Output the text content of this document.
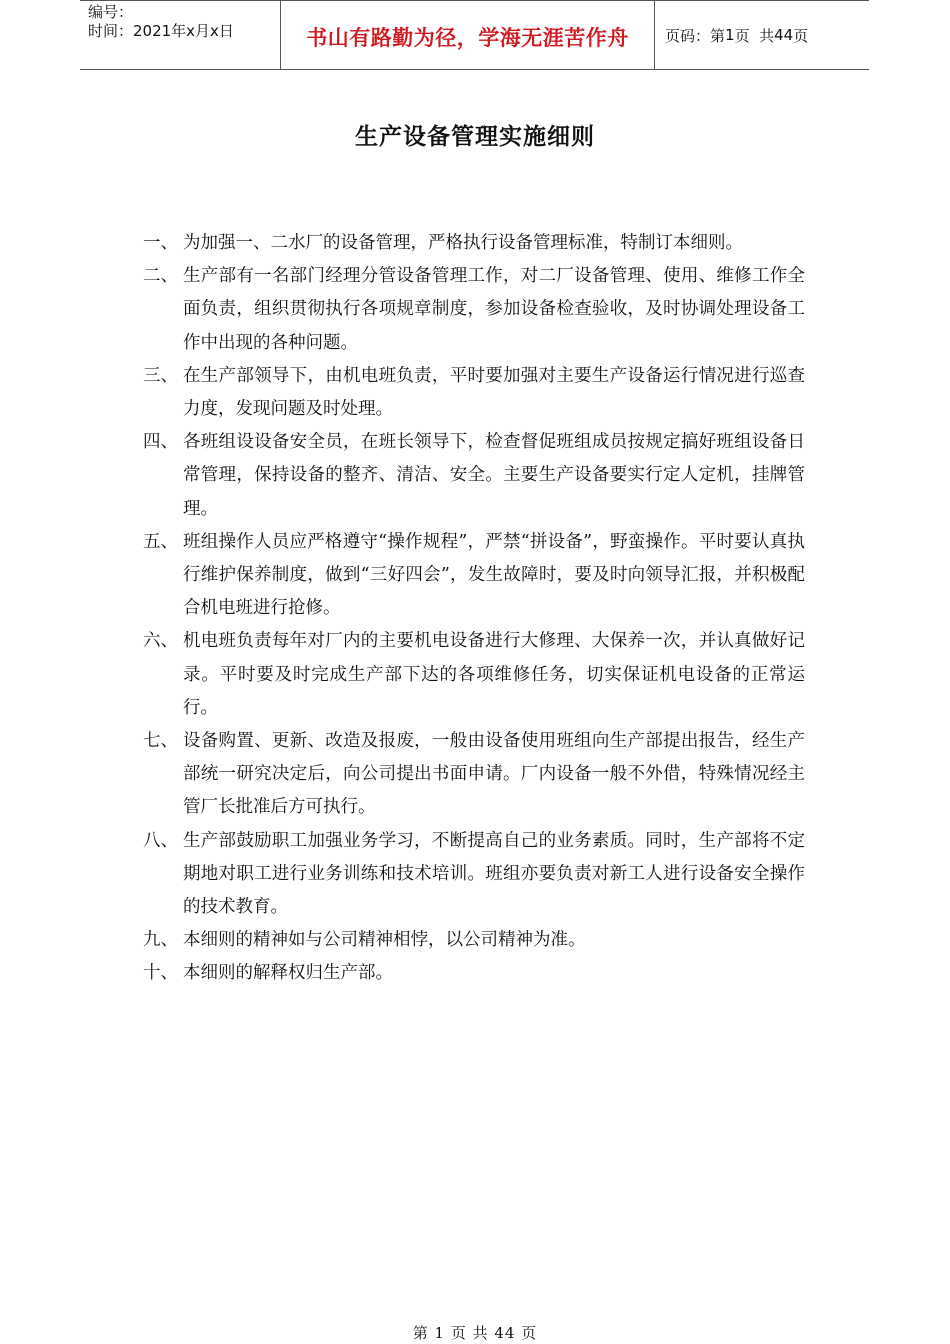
编号：
时间：2021年x月x日	书山有路勤为径，学海无涯苦作舟 页码：第 1 页  共 44 页
生产设备管理实施细则
一、 为加强一、二水厂的设备管理，严格执行设备管理标准，特制订本细则。
二、 生产部有一名部门经理分管设备管理工作，对二厂设备管理、使用、维修工作全面负责，组织贯彻执行各项规章制度，参加设备检查验收，及时协调处理设备工作中出现的各种问题。
三、 在生产部领导下，由机电班负责，平时要加强对主要生产设备运行情况进行巡查力度，发现问题及时处理。
四、 各班组设设备安全员，在班长领导下，检查督促班组成员按规定搞好班组设备日常管理，保持设备的整齐、清洁、安全。主要生产设备要实行定人定机，挂牌管理。
五、 班组操作人员应严格遵守“操作规程”，严禁“拼设备”，野蛮操作。平时要认真执行维护保养制度，做到“三好四会”，发生故障时，要及时向领导汇报，并积极配合机电班进行抢修。
六、 机电班负责每年对厂内的主要机电设备进行大修理、大保养一次，并认真做好记录。平时要及时完成生产部下达的各项维修任务，切实保证机电设备的正常运行。
七、 设备购置、更新、改造及报废，一般由设备使用班组向生产部提出报告，经生产部统一研究决定后，向公司提出书面申请。厂内设备一般不外借，特殊情况经主管厂长批准后方可执行。
八、 生产部鼓励职工加强业务学习，不断提高自己的业务素质。同时，生产部将不定期地对职工进行业务训练和技术培训。班组亦要负责对新工人进行设备安全操作的技术教育。
九、 本细则的精神如与公司精神相悖，以公司精神为准。
十、 本细则的解释权归生产部。
第 1 页 共 44 页
